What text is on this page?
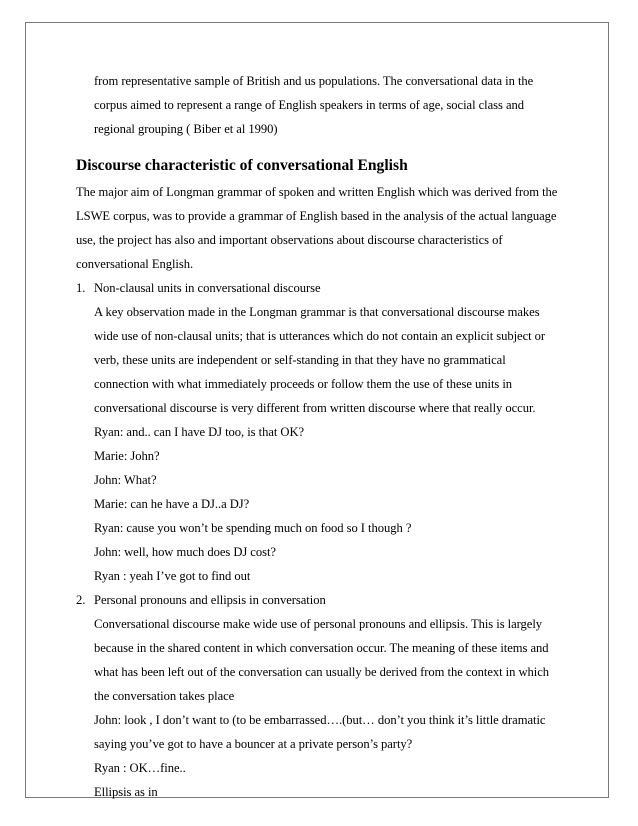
from representative sample of British and us populations. The conversational data in the
corpus aimed to represent a range of English speakers in terms of age, social class and
regional grouping ( Biber et al 1990)
Discourse characteristic of conversational English
The major aim of Longman grammar of spoken and written English which was derived from the
LSWE corpus, was to provide a grammar of English based in the analysis of the actual language
use, the project has also and important observations about discourse characteristics of
conversational English.
1. Non-clausal units in conversational discourse
A key observation made in the Longman grammar is that conversational discourse makes
wide use of non-clausal units; that is utterances which do not contain an explicit subject or
verb, these units are independent or self-standing in that they have no grammatical
connection with what immediately proceeds or follow them the use of these units in
conversational discourse is very different from written discourse where that really occur.
Ryan: and.. can I have DJ too, is that OK?
Marie: John?
John: What?
Marie: can he have a DJ..a DJ?
Ryan: cause you won’t be spending much on food so I though ?
John: well, how much does DJ cost?
Ryan : yeah I’ve got to find out
2. Personal pronouns and ellipsis in conversation
Conversational discourse make wide use of personal pronouns and ellipsis. This is largely
because in the shared content in which conversation occur. The meaning of these items and
what has been left out of the conversation can usually be derived from the context in which
the conversation takes place
John: look , I don’t want to (to be embarrassed….(but… don’t you think it’s little dramatic
saying you’ve got to have a bouncer at a private person’s party?
Ryan : OK…fine..
Ellipsis as in
